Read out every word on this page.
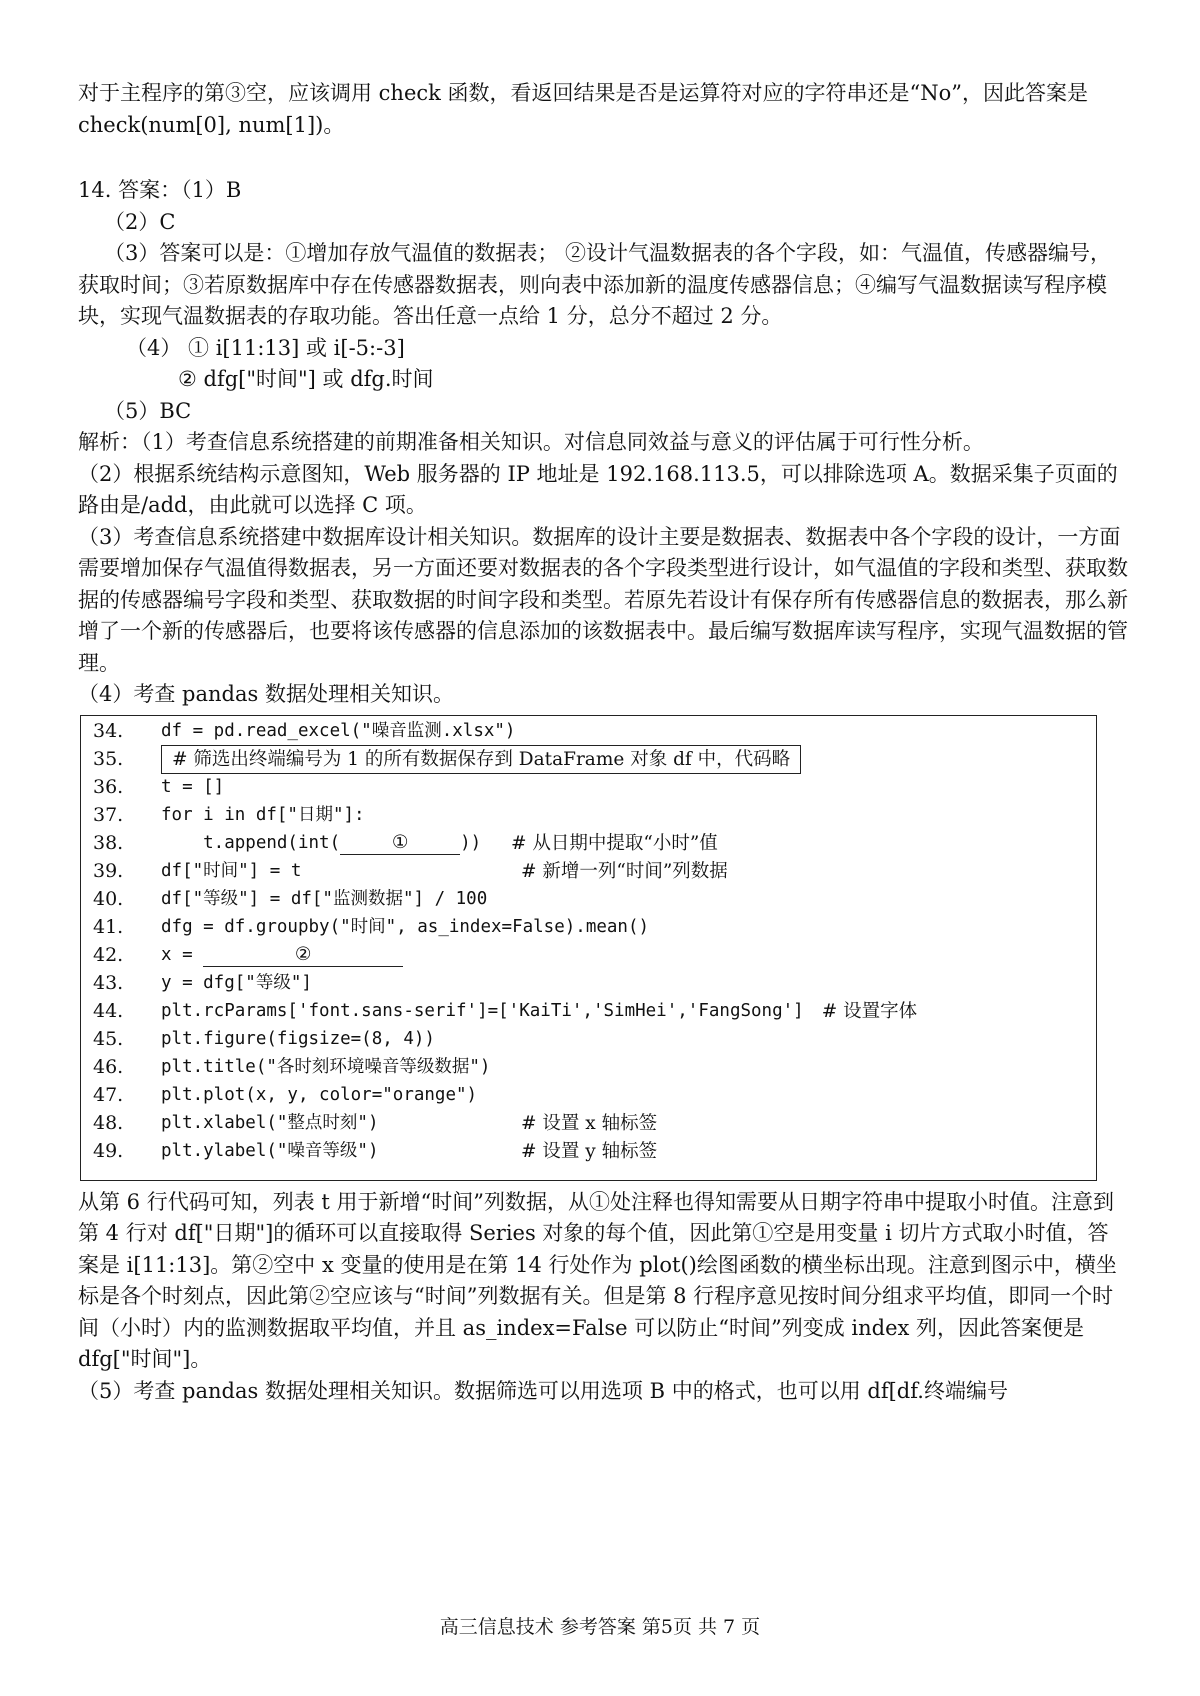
对于主程序的第③空，应该调用 check 函数，看返回结果是否是运算符对应的字符串还是“No”，因此答案是 check(num[0], num[1])。

14. 答案：（1）B

（2）C

（3）答案可以是：①增加存放气温值的数据表； ②设计气温数据表的各个字段，如：气温值，传感器编号，获取时间；③若原数据库中存在传感器数据表，则向表中添加新的温度传感器信息；④编写气温数据读写程序模块，实现气温数据表的存取功能。答出任意一点给 1 分，总分不超过 2 分。

（4） ① i[11:13] 或 i[-5:-3]

② dfg["时间"] 或 dfg.时间

（5）BC

解析：（1）考查信息系统搭建的前期准备相关知识。对信息同效益与意义的评估属于可行性分析。

（2）根据系统结构示意图知，Web 服务器的 IP 地址是 192.168.113.5，可以排除选项 A。数据采集子页面的路由是/add，由此就可以选择 C 项。

（3）考查信息系统搭建中数据库设计相关知识。数据库的设计主要是数据表、数据表中各个字段的设计，一方面需要增加保存气温值得数据表，另一方面还要对数据表的各个字段类型进行设计，如气温值的字段和类型、获取数据的传感器编号字段和类型、获取数据的时间字段和类型。若原先若设计有保存所有传感器信息的数据表，那么新增了一个新的传感器后，也要将该传感器的信息添加的该数据表中。最后编写数据库读写程序，实现气温数据的管理。

（4）考查 pandas 数据处理相关知识。

34.	df = pd.read_excel("噪音监测.xlsx")
35.	# 筛选出终端编号为 1 的所有数据保存到 DataFrame 对象 df 中，代码略
36.	t = []
37.	for i in df["日期"]:
38.	t.append(int(	①	)) # 从日期中提取“小时”值
39.	df["时间"] = t	# 新增一列“时间”列数据
40.	df["等级"] = df["监测数据"] / 100
41.	dfg = df.groupby("时间", as_index=False).mean()
42.	x =	②
43.	y = dfg["等级"]
44.	plt.rcParams['font.sans-serif']=['KaiTi','SimHei','FangSong'] # 设置字体
45.	plt.figure(figsize=(8, 4))
46.	plt.title("各时刻环境噪音等级数据")
47.	plt.plot(x, y, color="orange")
48.	plt.xlabel("整点时刻")	# 设置 x 轴标签
49.	plt.ylabel("噪音等级")	# 设置 y 轴标签

从第 6 行代码可知，列表 t 用于新增“时间”列数据，从①处注释也得知需要从日期字符串中提取小时值。注意到第 4 行对 df["日期"]的循环可以直接取得 Series 对象的每个值，因此第①空是用变量 i 切片方式取小时值，答案是 i[11:13]。第②空中 x 变量的使用是在第 14 行处作为 plot()绘图函数的横坐标出现。注意到图示中，横坐标是各个时刻点，因此第②空应该与“时间”列数据有关。但是第 8 行程序意见按时间分组求平均值，即同一个时间（小时）内的监测数据取平均值，并且 as_index=False 可以防止“时间”列变成 index 列，因此答案便是 dfg["时间"]。

（5）考查 pandas 数据处理相关知识。数据筛选可以用选项 B 中的格式，也可以用 df[df.终端编号

高三信息技术 参考答案 第5页 共 7 页
